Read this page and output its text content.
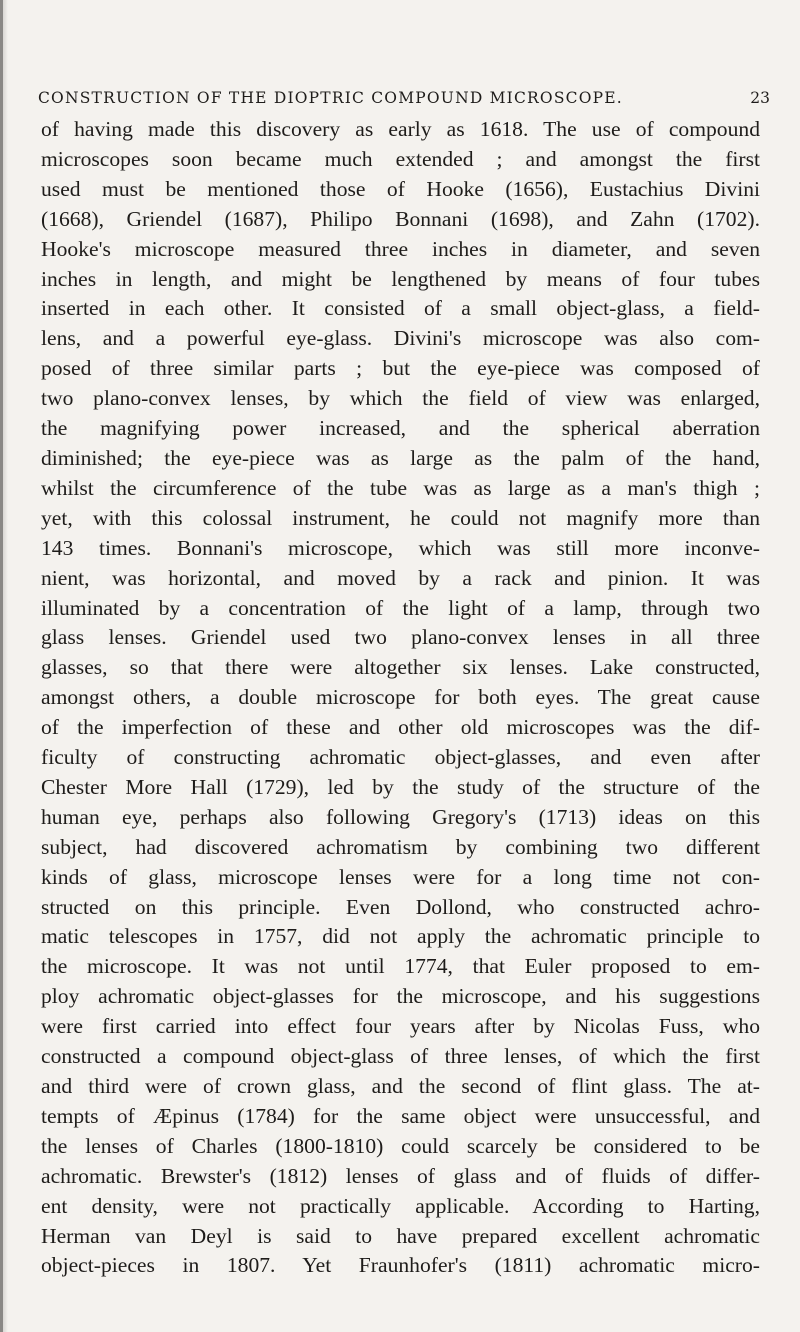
CONSTRUCTION OF THE DIOPTRIC COMPOUND MICROSCOPE.	23
of having made this discovery as early as 1618. The use of compound
microscopes soon became much extended ; and amongst the first
used must be mentioned those of Hooke (1656), Eustachius Divini
(1668), Griendel (1687), Philipo Bonnani (1698), and Zahn (1702).
Hooke's microscope measured three inches in diameter, and seven
inches in length, and might be lengthened by means of four tubes
inserted in each other. It consisted of a small object-glass, a field-
lens, and a powerful eye-glass. Divini's microscope was also com-
posed of three similar parts ; but the eye-piece was composed of
two plano-convex lenses, by which the field of view was enlarged,
the magnifying power increased, and the spherical aberration
diminished; the eye-piece was as large as the palm of the hand,
whilst the circumference of the tube was as large as a man's thigh ;
yet, with this colossal instrument, he could not magnify more than
143 times. Bonnani's microscope, which was still more inconve-
nient, was horizontal, and moved by a rack and pinion. It was
illuminated by a concentration of the light of a lamp, through two
glass lenses. Griendel used two plano-convex lenses in all three
glasses, so that there were altogether six lenses. Lake constructed,
amongst others, a double microscope for both eyes. The great cause
of the imperfection of these and other old microscopes was the dif-
ficulty of constructing achromatic object-glasses, and even after
Chester More Hall (1729), led by the study of the structure of the
human eye, perhaps also following Gregory's (1713) ideas on this
subject, had discovered achromatism by combining two different
kinds of glass, microscope lenses were for a long time not con-
structed on this principle. Even Dollond, who constructed achro-
matic telescopes in 1757, did not apply the achromatic principle to
the microscope. It was not until 1774, that Euler proposed to em-
ploy achromatic object-glasses for the microscope, and his suggestions
were first carried into effect four years after by Nicolas Fuss, who
constructed a compound object-glass of three lenses, of which the first
and third were of crown glass, and the second of flint glass. The at-
tempts of Æpinus (1784) for the same object were unsuccessful, and
the lenses of Charles (1800-1810) could scarcely be considered to be
achromatic. Brewster's (1812) lenses of glass and of fluids of differ-
ent density, were not practically applicable. According to Harting,
Herman van Deyl is said to have prepared excellent achromatic
object-pieces in 1807. Yet Fraunhofer's (1811) achromatic micro-
